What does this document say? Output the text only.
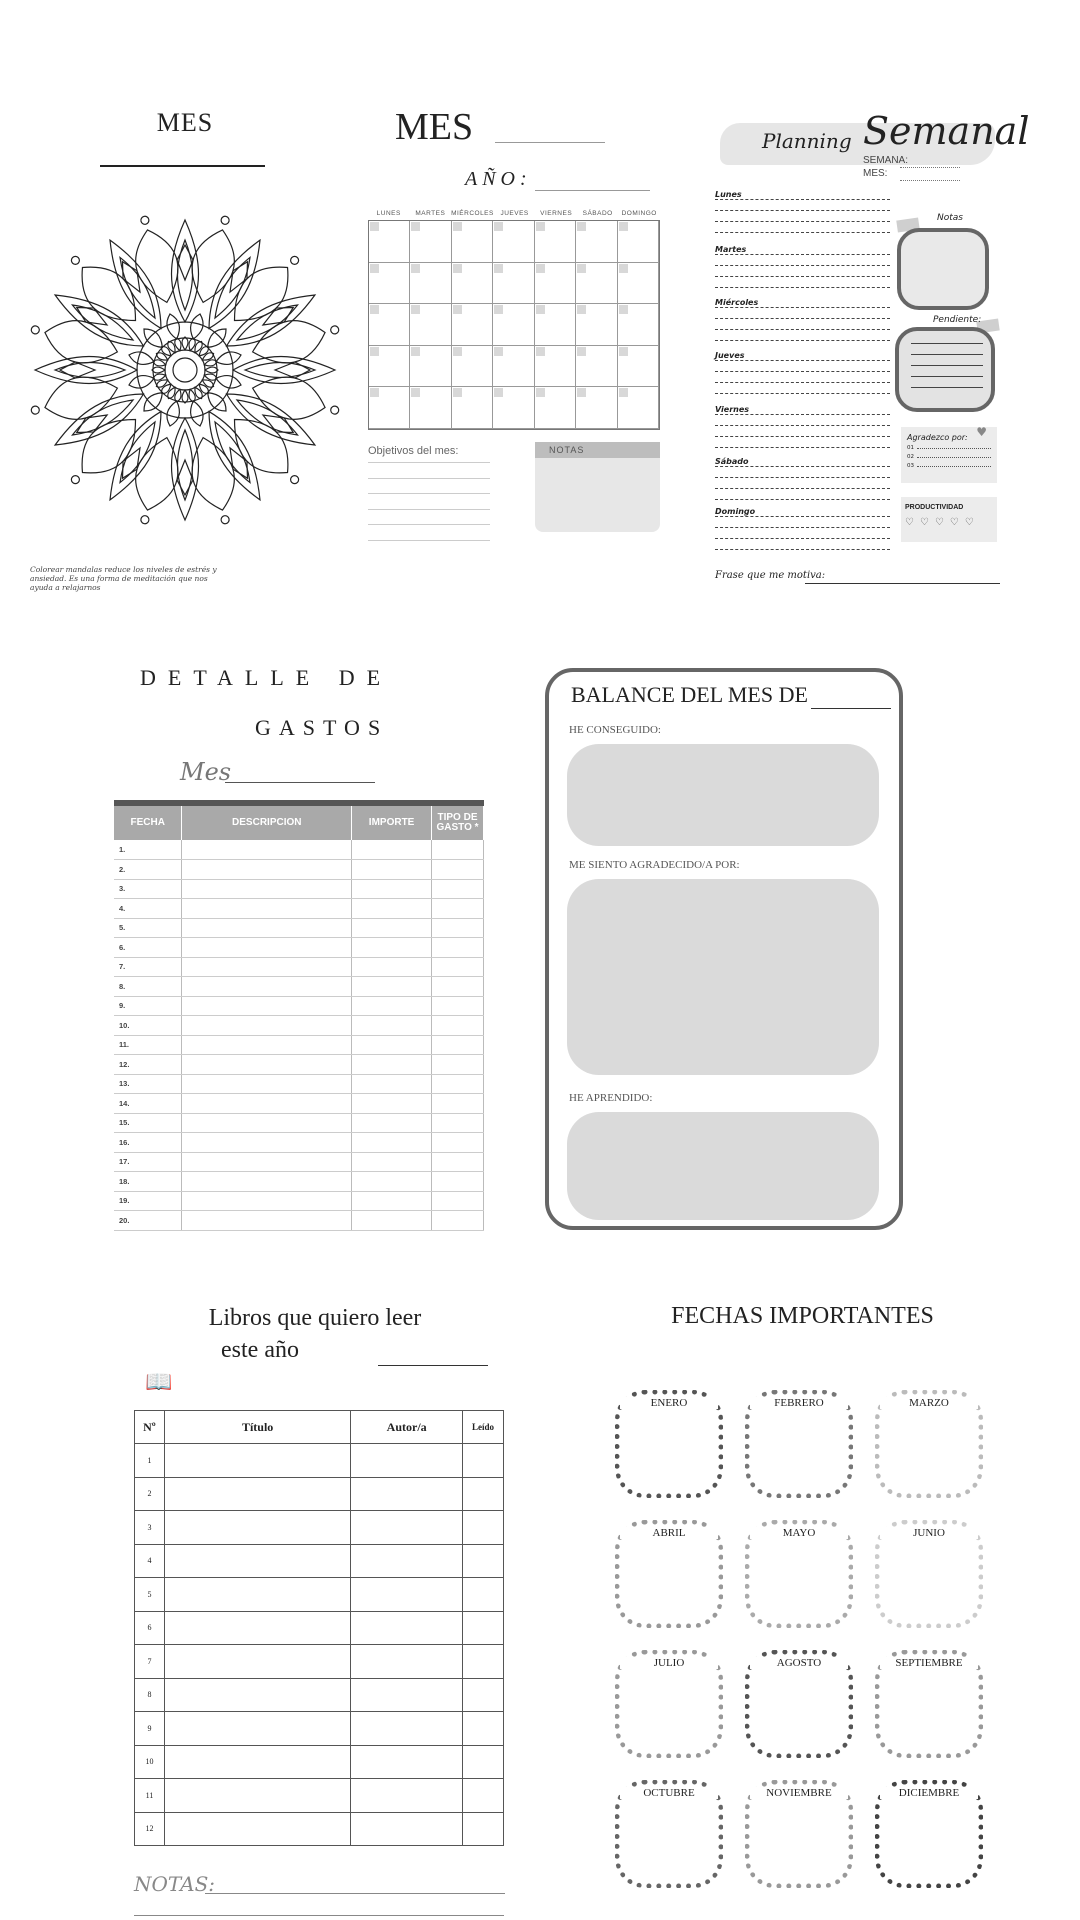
MES
Colorear mandalas reduce los niveles de estrés y ansiedad. Es una forma de meditación que nos ayuda a relajarnos
MES
AÑO:
LUNES	MARTES MIÉRCOLES	JUEVES	VIERNES	SÁBADO	DOMINGO
Objetivos del mes:	NOTAS
Planning Semanal
SEMANA:
MES:
Lunes
Martes
Miércoles
Jueves
Viernes
Sábado
Domingo
Notas
Pendiente:
Agradezco por: ♥
01
02
03
PRODUCTIVIDAD
♡ ♡ ♡ ♡ ♡
Frase que me motiva:
DETALLE DE
GASTOS
Mes

FECHA	DESCRIPCION	IMPORTE	TIPO DE GASTO *
1.			
2.			
3.			
4.			
5.			
6.			
7.			
8.			
9.			
10.			
11.			
12.			
13.			
14.			
15.			
16.			
17.			
18.			
19.			
20.			
BALANCE DEL MES DE
HE CONSEGUIDO:
ME SIENTO AGRADECIDO/A POR:
HE APRENDIDO:
Libros que quiero leer
este año
📖
Nº	Título	Autor/a	Leído
1			
2			
3			
4			
5			
6			
7			
8			
9			
10			
11			
12			
NOTAS:
FECHAS IMPORTANTES
ENERO	FEBRERO	MARZO
ABRIL	MAYO	JUNIO
JULIO	AGOSTO	SEPTIEMBRE
OCTUBRE	NOVIEMBRE	DICIEMBRE
